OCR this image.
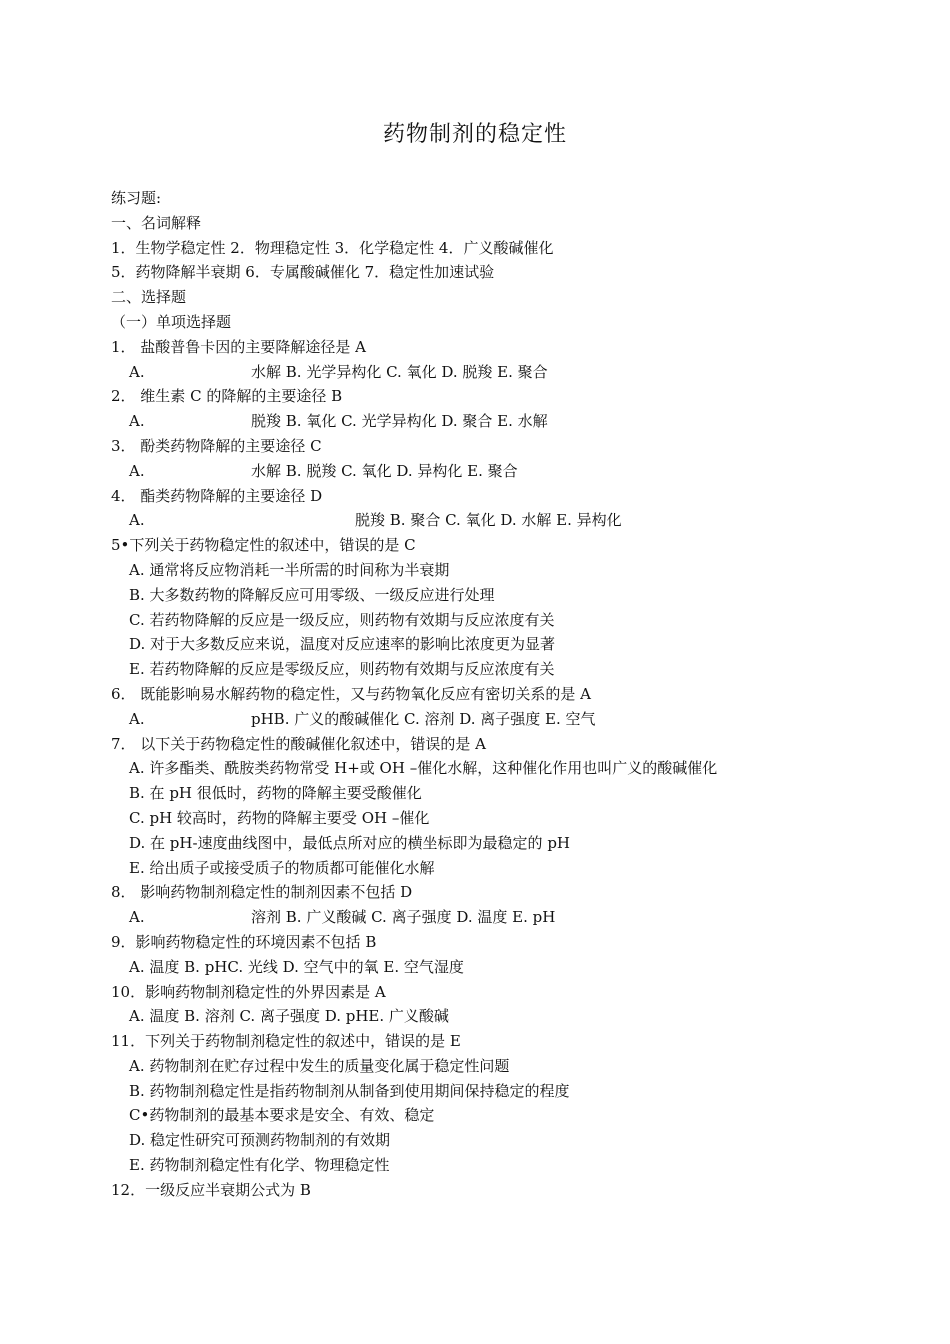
药物制剂的稳定性
练习题:
一、名词解释
1．生物学稳定性 2．物理稳定性 3．化学稳定性 4．广义酸碱催化
5．药物降解半衰期 6．专属酸碱催化 7．稳定性加速试验
二、选择题
（一）单项选择题
1． 盐酸普鲁卡因的主要降解途径是 A
A.	水解 B. 光学异构化 C. 氧化 D. 脱羧 E. 聚合
2． 维生素 C 的降解的主要途径 B
A.	脱羧 B. 氧化 C. 光学异构化 D. 聚合 E. 水解
3． 酚类药物降解的主要途径 C
A.	水解 B. 脱羧 C. 氧化 D. 异构化 E. 聚合
4． 酯类药物降解的主要途径 D
A.	脱羧 B. 聚合 C. 氧化 D. 水解 E. 异构化
5•下列关于药物稳定性的叙述中，错误的是 C
A. 通常将反应物消耗一半所需的时间称为半衰期
B. 大多数药物的降解反应可用零级、一级反应进行处理
C. 若药物降解的反应是一级反应，则药物有效期与反应浓度有关
D. 对于大多数反应来说，温度对反应速率的影响比浓度更为显著
E. 若药物降解的反应是零级反应，则药物有效期与反应浓度有关
6． 既能影响易水解药物的稳定性，又与药物氧化反应有密切关系的是 A
A.	pHB. 广义的酸碱催化 C. 溶剂 D. 离子强度 E. 空气
7． 以下关于药物稳定性的酸碱催化叙述中，错误的是 A
A. 许多酯类、酰胺类药物常受 H+或 OH –催化水解，这种催化作用也叫广义的酸碱催化
B. 在 pH 很低时，药物的降解主要受酸催化
C. pH 较高时，药物的降解主要受 OH –催化
D. 在 pH-速度曲线图中，最低点所对应的横坐标即为最稳定的 pH
E. 给出质子或接受质子的物质都可能催化水解
8． 影响药物制剂稳定性的制剂因素不包括 D
A.	溶剂 B. 广义酸碱 C. 离子强度 D. 温度 E. pH
9．影响药物稳定性的环境因素不包括 B
A. 温度 B. pHC. 光线 D. 空气中的氧 E. 空气湿度
10．影响药物制剂稳定性的外界因素是 A
A. 温度 B. 溶剂 C. 离子强度 D. pHE. 广义酸碱
11．下列关于药物制剂稳定性的叙述中，错误的是 E
A. 药物制剂在贮存过程中发生的质量变化属于稳定性问题
B. 药物制剂稳定性是指药物制剂从制备到使用期间保持稳定的程度
C•药物制剂的最基本要求是安全、有效、稳定
D. 稳定性研究可预测药物制剂的有效期
E. 药物制剂稳定性有化学、物理稳定性
12．一级反应半衰期公式为 B
